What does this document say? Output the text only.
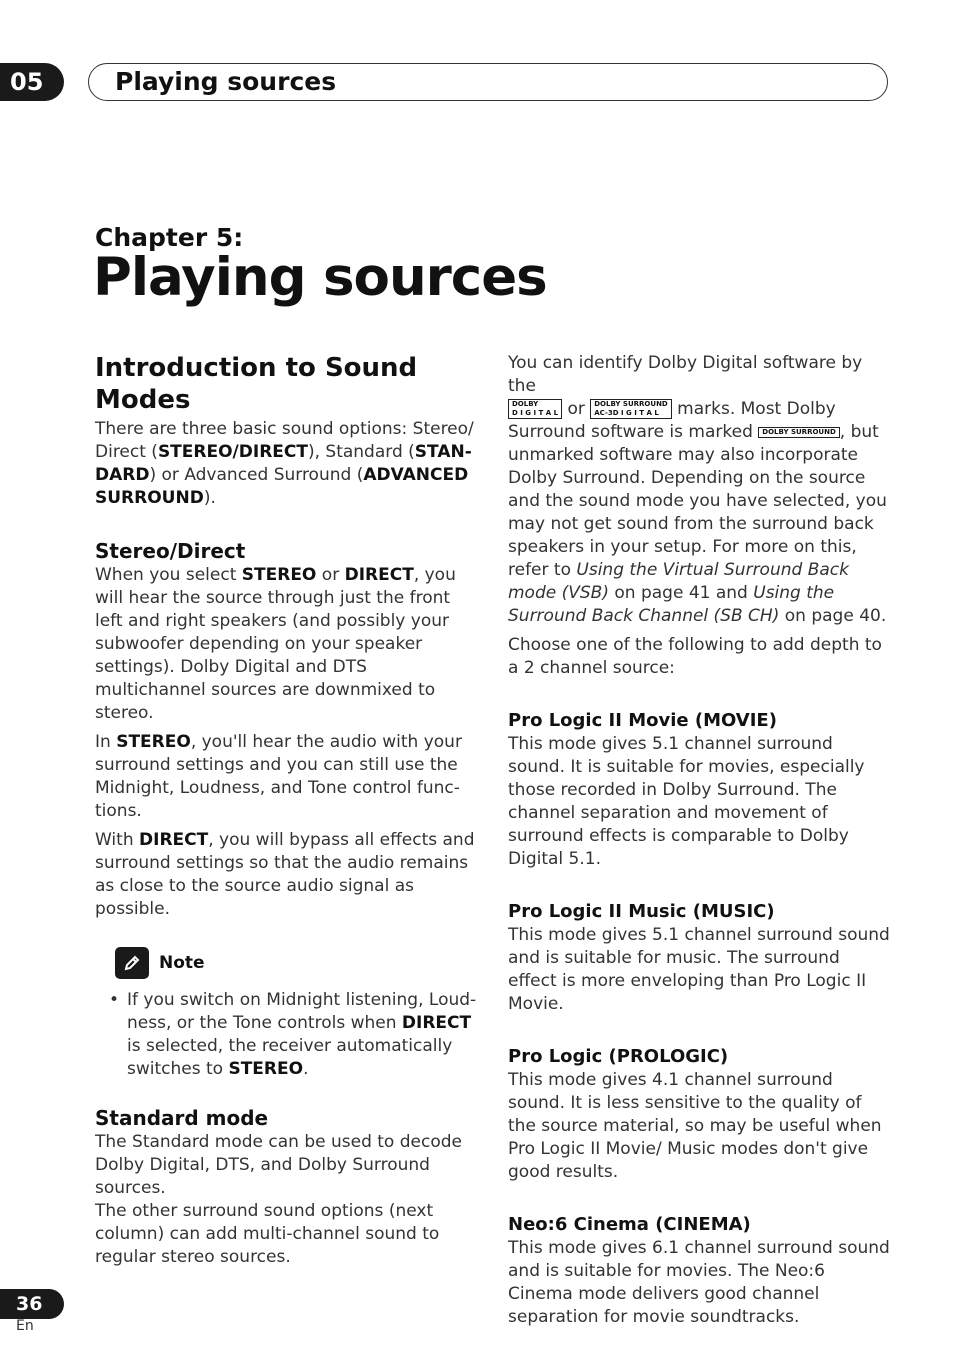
05	Playing sources
Chapter 5:
Playing sources
Introduction to Sound Modes

There are three basic sound options: Stereo/ Direct (STEREO/DIRECT), Standard (STAN-DARD) or Advanced Surround (ADVANCED SURROUND).

Stereo/Direct

When you select STEREO or DIRECT, you will hear the source through just the front left and right speakers (and possibly your subwoofer depending on your speaker settings). Dolby Digital and DTS multichannel sources are downmixed to stereo.

In STEREO, you'll hear the audio with your surround settings and you can still use the Midnight, Loudness, and Tone control func-tions.

With DIRECT, you will bypass all effects and surround settings so that the audio remains as close to the source audio signal as possible.

Note
• If you switch on Midnight listening, Loud-ness, or the Tone controls when DIRECT is selected, the receiver automatically switches to STEREO.
Standard mode

The Standard mode can be used to decode Dolby Digital, DTS, and Dolby Surround sources.

The other surround sound options (next column) can add multi-channel sound to regular stereo sources.

You can identify Dolby Digital software by the
DOLBY
D I G I T A L or DOLBY SURROUND
AC-3D I G I T A L marks. Most Dolby Surround software is marked DOLBY SURROUND , but unmarked software may also incorporate Dolby Surround. Depending on the source and the sound mode you have selected, you may not get sound from the surround back speakers in your setup. For more on this, refer to Using the Virtual Surround Back mode (VSB) on page 41 and Using the Surround Back Channel (SB CH) on page 40.

Choose one of the following to add depth to a 2 channel source:

Pro Logic II Movie (MOVIE)

This mode gives 5.1 channel surround sound. It is suitable for movies, especially those recorded in Dolby Surround. The channel separation and movement of surround effects is comparable to Dolby Digital 5.1.

Pro Logic II Music (MUSIC)

This mode gives 5.1 channel surround sound and is suitable for music. The surround effect is more enveloping than Pro Logic II Movie.

Pro Logic (PROLOGIC)

This mode gives 4.1 channel surround sound. It is less sensitive to the quality of the source material, so may be useful when Pro Logic II Movie/ Music modes don't give good results.

Neo:6 Cinema (CINEMA)

This mode gives 6.1 channel surround sound and is suitable for movies. The Neo:6 Cinema mode delivers good channel separation for movie soundtracks.

36
En
